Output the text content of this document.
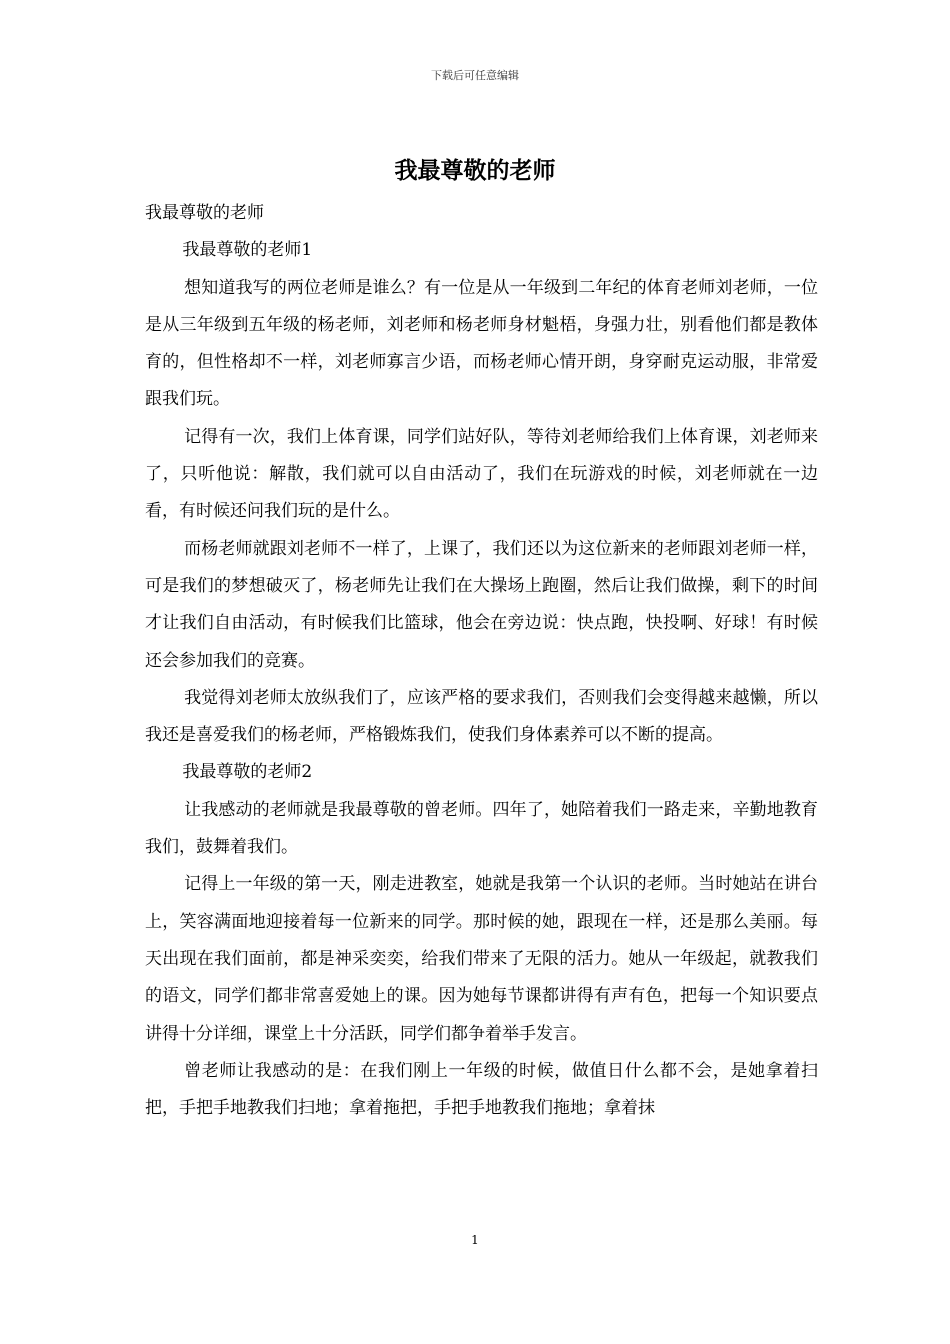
下载后可任意编辑
我最尊敬的老师

我最尊敬的老师

我最尊敬的老师1

想知道我写的两位老师是谁么？有一位是从一年级到二年纪的体育老师刘老师，一位是从三年级到五年级的杨老师，刘老师和杨老师身材魁梧，身强力壮，别看他们都是教体育的，但性格却不一样，刘老师寡言少语，而杨老师心情开朗，身穿耐克运动服，非常爱跟我们玩。

记得有一次，我们上体育课，同学们站好队，等待刘老师给我们上体育课，刘老师来了，只听他说：解散，我们就可以自由活动了，我们在玩游戏的时候，刘老师就在一边看，有时候还问我们玩的是什么。

而杨老师就跟刘老师不一样了，上课了，我们还以为这位新来的老师跟刘老师一样，可是我们的梦想破灭了，杨老师先让我们在大操场上跑圈，然后让我们做操，剩下的时间才让我们自由活动，有时候我们比篮球，他会在旁边说：快点跑，快投啊、好球！有时候还会参加我们的竞赛。

我觉得刘老师太放纵我们了，应该严格的要求我们，否则我们会变得越来越懒，所以我还是喜爱我们的杨老师，严格锻炼我们，使我们身体素养可以不断的提高。

我最尊敬的老师2

让我感动的老师就是我最尊敬的曾老师。四年了，她陪着我们一路走来，辛勤地教育我们，鼓舞着我们。

记得上一年级的第一天，刚走进教室，她就是我第一个认识的老师。当时她站在讲台上，笑容满面地迎接着每一位新来的同学。那时候的她，跟现在一样，还是那么美丽。每天出现在我们面前，都是神采奕奕，给我们带来了无限的活力。她从一年级起，就教我们的语文，同学们都非常喜爱她上的课。因为她每节课都讲得有声有色，把每一个知识要点讲得十分详细，课堂上十分活跃，同学们都争着举手发言。

曾老师让我感动的是：在我们刚上一年级的时候，做值日什么都不会，是她拿着扫把，手把手地教我们扫地；拿着拖把，手把手地教我们拖地；拿着抹

1
